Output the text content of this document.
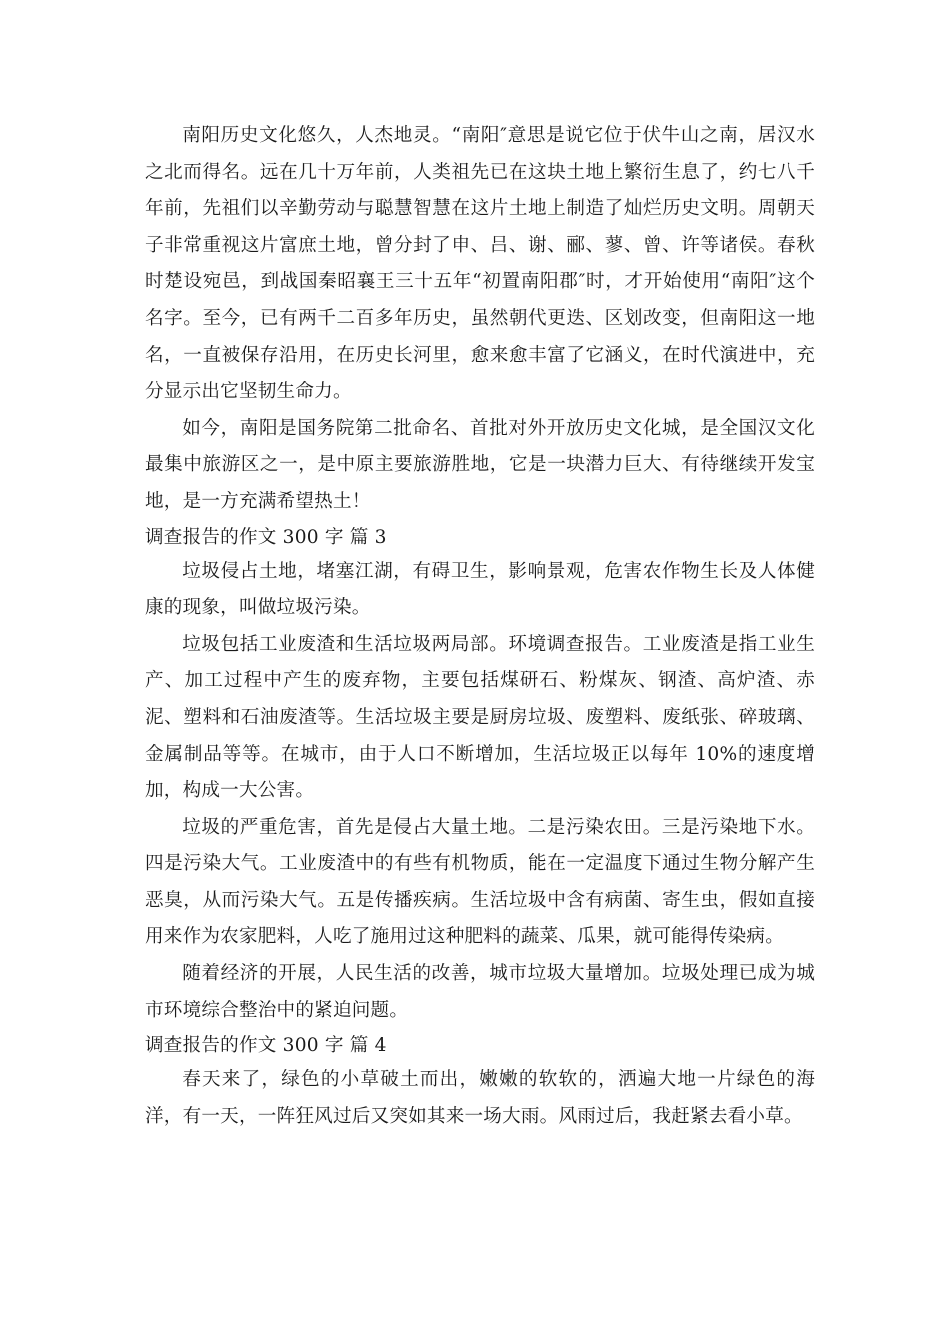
南阳历史文化悠久，人杰地灵。“南阳″意思是说它位于伏牛山之南，居汉水之北而得名。远在几十万年前，人类祖先已在这块土地上繁衍生息了，约七八千年前，先祖们以辛勤劳动与聪慧智慧在这片土地上制造了灿烂历史文明。周朝天子非常重视这片富庶土地，曾分封了申、吕、谢、郦、蓼、曾、许等诸侯。春秋时楚设宛邑，到战国秦昭襄王三十五年“初置南阳郡″时，才开始使用“南阳″这个名字。至今，已有两千二百多年历史，虽然朝代更迭、区划改变，但南阳这一地名，一直被保存沿用，在历史长河里，愈来愈丰富了它涵义，在时代演进中，充分显示出它坚韧生命力。

如今，南阳是国务院第二批命名、首批对外开放历史文化城，是全国汉文化最集中旅游区之一，是中原主要旅游胜地，它是一块潜力巨大、有待继续开发宝地，是一方充满希望热土！

调查报告的作文 300 字 篇 3

垃圾侵占土地，堵塞江湖，有碍卫生，影响景观，危害农作物生长及人体健康的现象，叫做垃圾污染。

垃圾包括工业废渣和生活垃圾两局部。环境调查报告。工业废渣是指工业生产、加工过程中产生的废弃物，主要包括煤研石、粉煤灰、钢渣、高炉渣、赤泥、塑料和石油废渣等。生活垃圾主要是厨房垃圾、废塑料、废纸张、碎玻璃、金属制品等等。在城市，由于人口不断增加，生活垃圾正以每年 10%的速度增加，构成一大公害。

垃圾的严重危害，首先是侵占大量土地。二是污染农田。三是污染地下水。四是污染大气。工业废渣中的有些有机物质，能在一定温度下通过生物分解产生恶臭，从而污染大气。五是传播疾病。生活垃圾中含有病菌、寄生虫，假如直接用来作为农家肥料，人吃了施用过这种肥料的蔬菜、瓜果，就可能得传染病。

随着经济的开展，人民生活的改善，城市垃圾大量增加。垃圾处理已成为城市环境综合整治中的紧迫问题。

调查报告的作文 300 字 篇 4

春天来了，绿色的小草破土而出，嫩嫩的软软的，洒遍大地一片绿色的海洋，有一天，一阵狂风过后又突如其来一场大雨。风雨过后，我赶紧去看小草。
